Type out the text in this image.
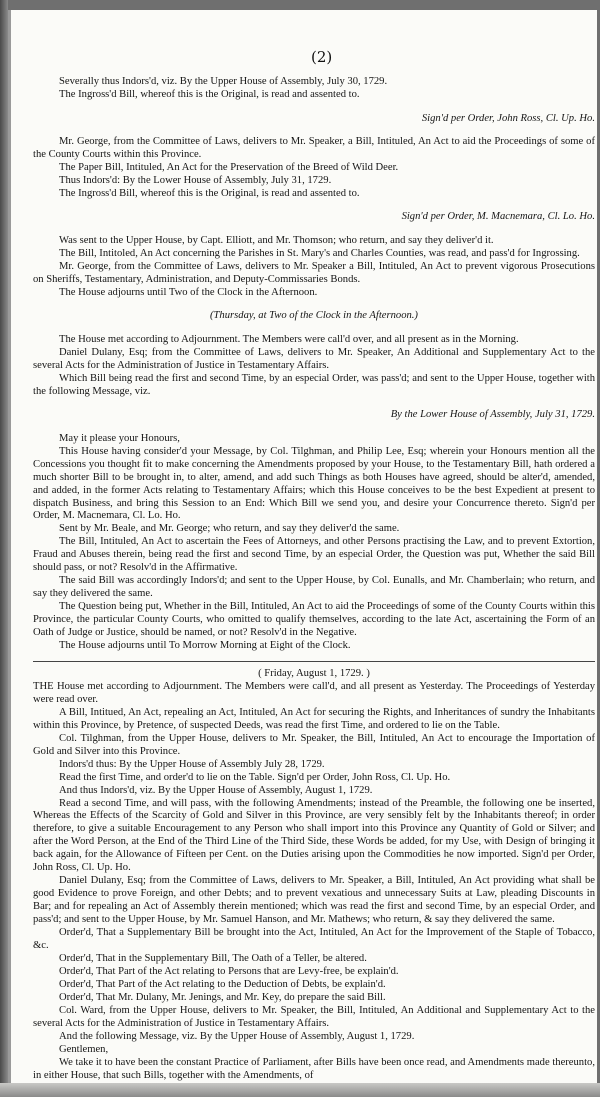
(2)
Severally thus Indors'd, viz. By the Upper House of Assembly, July 30, 1729.
The Ingross'd Bill, whereof this is the Original, is read and assented to.

Sign'd per Order, John Ross, Cl. Up. Ho.

Mr. George, from the Committee of Laws, delivers to Mr. Speaker, a Bill, Intituled, An Act to aid the Proceedings of some of the County Courts within this Province.

The Paper Bill, Intituled, An Act for the Preservation of the Breed of Wild Deer.
Thus Indors'd: By the Lower House of Assembly, July 31, 1729.
The Ingross'd Bill, whereof this is the Original, is read and assented to.

Sign'd per Order, M. Macnemara, Cl. Lo. Ho.

Was sent to the Upper House, by Capt. Elliott, and Mr. Thomson; who return, and say they deliver'd it.

The Bill, Intitoled, An Act concerning the Parishes in St. Mary's and Charles Counties, was read, and pass'd for Ingrossing.

Mr. George, from the Committee of Laws, delivers to Mr. Speaker a Bill, Intituled, An Act to prevent vigorous Prosecutions on Sheriffs, Testamentary, Administration, and Deputy-Commissaries Bonds.

The House adjourns until Two of the Clock in the Afternoon.

(Thursday, at Two of the Clock in the Afternoon.)

The House met according to Adjournment. The Members were call'd over, and all present as in the Morning.

Daniel Dulany, Esq; from the Committee of Laws, delivers to Mr. Speaker, An Additional and Supplementary Act to the several Acts for the Administration of Justice in Testamentary Affairs.

Which Bill being read the first and second Time, by an especial Order, was pass'd; and sent to the Upper House, together with the following Message, viz.

By the Lower House of Assembly, July 31, 1729.

May it please your Honours,

This House having consider'd your Message, by Col. Tilghman, and Philip Lee, Esq; wherein your Honours mention all the Concessions you thought fit to make concerning the Amendments proposed by your House, to the Testamentary Bill, hath ordered a much shorter Bill to be brought in, to alter, amend, and add such Things as both Houses have agreed, should be alter'd, amended, and added, in the former Acts relating to Testamentary Affairs; which this House conceives to be the best Expedient at present to dispatch Business, and bring this Session to an End: Which Bill we send you, and desire your Concurrence thereto. Sign'd per Order, M. Macnemara, Cl. Lo. Ho.

Sent by Mr. Beale, and Mr. George; who return, and say they deliver'd the same.

The Bill, Intituled, An Act to ascertain the Fees of Attorneys, and other Persons practising the Law, and to prevent Extortion, Fraud and Abuses therein, being read the first and second Time, by an especial Order, the Question was put, Whether the said Bill should pass, or not? Resolv'd in the Affirmative.

The said Bill was accordingly Indors'd; and sent to the Upper House, by Col. Eunalls, and Mr. Chamberlain; who return, and say they delivered the same.

The Question being put, Whether in the Bill, Intituled, An Act to aid the Proceedings of some of the County Courts within this Province, the particular County Courts, who omitted to qualify themselves, according to the late Act, ascertaining the Form of an Oath of Judge or Justice, should be named, or not? Resolv'd in the Negative.

The House adjourns until To Morrow Morning at Eight of the Clock.
( Friday, August 1, 1729. )

THE House met according to Adjournment. The Members were call'd, and all present as Yesterday. The Proceedings of Yesterday were read over.

A Bill, Intitued, An Act, repealing an Act, Intituled, An Act for securing the Rights, and Inheritances of sundry the Inhabitants within this Province, by Pretence, of suspected Deeds, was read the first Time, and ordered to lie on the Table.

Col. Tilghman, from the Upper House, delivers to Mr. Speaker, the Bill, Intituled, An Act to encourage the Importation of Gold and Silver into this Province.

Indors'd thus: By the Upper House of Assembly July 28, 1729.
Read the first Time, and order'd to lie on the Table. Sign'd per Order, John Ross, Cl. Up. Ho.
And thus Indors'd, viz. By the Upper House of Assembly, August 1, 1729.

Read a second Time, and will pass, with the following Amendments; instead of the Preamble, the following one be inserted, Whereas the Effects of the Scarcity of Gold and Silver in this Province, are very sensibly felt by the Inhabitants thereof; in order therefore, to give a suitable Encouragement to any Person who shall import into this Province any Quantity of Gold or Silver; and after the Word Person, at the End of the Third Line of the Third Side, these Words be added, for my Use, with Design of bringing it back again, for the Allowance of Fifteen per Cent. on the Duties arising upon the Commodities he now imported. Sign'd per Order, John Ross, Cl. Up. Ho.

Daniel Dulany, Esq; from the Committee of Laws, delivers to Mr. Speaker, a Bill, Intituled, An Act providing what shall be good Evidence to prove Foreign, and other Debts; and to prevent vexatious and unnecessary Suits at Law, pleading Discounts in Bar; and for repealing an Act of Assembly therein mentioned; which was read the first and second Time, by an especial Order, and pass'd; and sent to the Upper House, by Mr. Samuel Hanson, and Mr. Mathews; who return, & say they delivered the same.

Order'd, That a Supplementary Bill be brought into the Act, Intituled, An Act for the Improvement of the Staple of Tobacco, &c.

Order'd, That in the Supplementary Bill, The Oath of a Teller, be altered.

Order'd, That Part of the Act relating to Persons that are Levy-free, be explain'd.

Order'd, That Part of the Act relating to the Deduction of Debts, be explain'd.

Order'd, That Mr. Dulany, Mr. Jenings, and Mr. Key, do prepare the said Bill.

Col. Ward, from the Upper House, delivers to Mr. Speaker, the Bill, Intituled, An Additional and Supplementary Act to the several Acts for the Administration of Justice in Testamentary Affairs.

And the following Message, viz. By the Upper House of Assembly, August 1, 1729.
Gentlemen,

We take it to have been the constant Practice of Parliament, after Bills have been once read, and Amendments made thereunto, in either House, that such Bills, together with the Amendments, of
